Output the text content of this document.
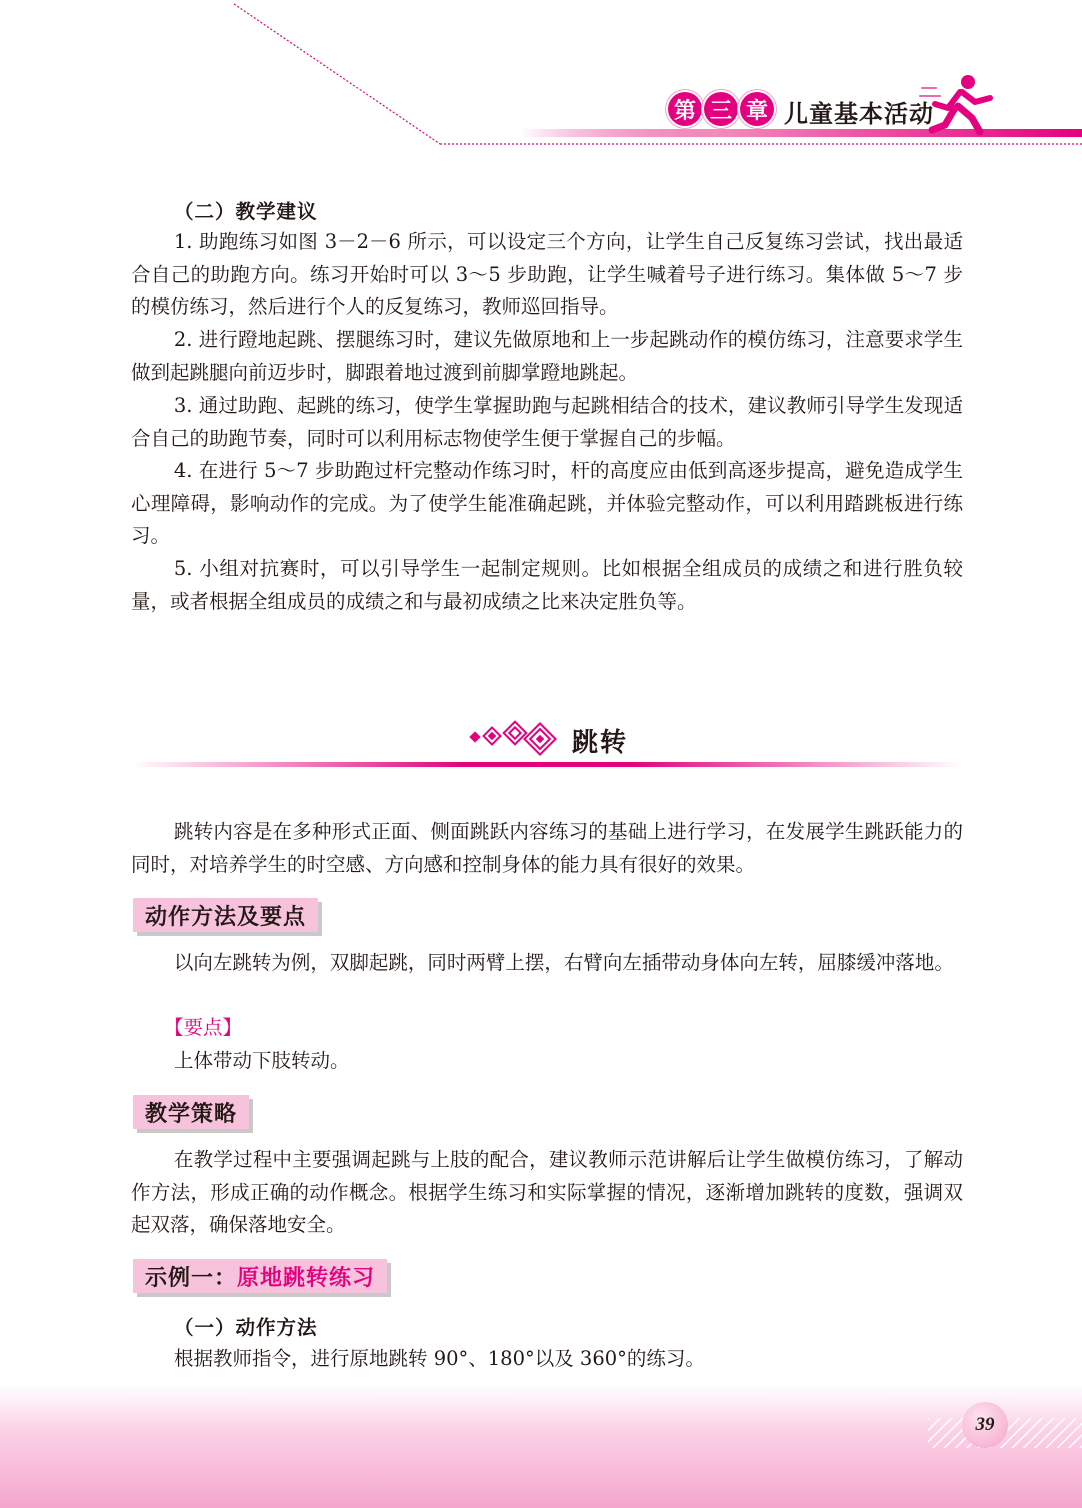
第 三 章 儿童基本活动
（二）教学建议
1. 助跑练习如图 3－2－6 所示，可以设定三个方向，让学生自己反复练习尝试，找出最适合自己的助跑方向。练习开始时可以 3～5 步助跑，让学生喊着号子进行练习。集体做 5～7 步的模仿练习，然后进行个人的反复练习，教师巡回指导。
2. 进行蹬地起跳、摆腿练习时，建议先做原地和上一步起跳动作的模仿练习，注意要求学生做到起跳腿向前迈步时，脚跟着地过渡到前脚掌蹬地跳起。
3. 通过助跑、起跳的练习，使学生掌握助跑与起跳相结合的技术，建议教师引导学生发现适合自己的助跑节奏，同时可以利用标志物使学生便于掌握自己的步幅。
4. 在进行 5～7 步助跑过杆完整动作练习时，杆的高度应由低到高逐步提高，避免造成学生心理障碍，影响动作的完成。为了使学生能准确起跳，并体验完整动作，可以利用踏跳板进行练习。
5. 小组对抗赛时，可以引导学生一起制定规则。比如根据全组成员的成绩之和进行胜负较量，或者根据全组成员的成绩之和与最初成绩之比来决定胜负等。
跳转
跳转内容是在多种形式正面、侧面跳跃内容练习的基础上进行学习，在发展学生跳跃能力的同时，对培养学生的时空感、方向感和控制身体的能力具有很好的效果。
动作方法及要点
以向左跳转为例，双脚起跳，同时两臂上摆，右臂向左插带动身体向左转，屈膝缓冲落地。
【要点】
上体带动下肢转动。
教学策略
在教学过程中主要强调起跳与上肢的配合，建议教师示范讲解后让学生做模仿练习，了解动作方法，形成正确的动作概念。根据学生练习和实际掌握的情况，逐渐增加跳转的度数，强调双起双落，确保落地安全。
示例一： 原地跳转练习
（一）动作方法
根据教师指令，进行原地跳转 90°、180°以及 360°的练习。
39
